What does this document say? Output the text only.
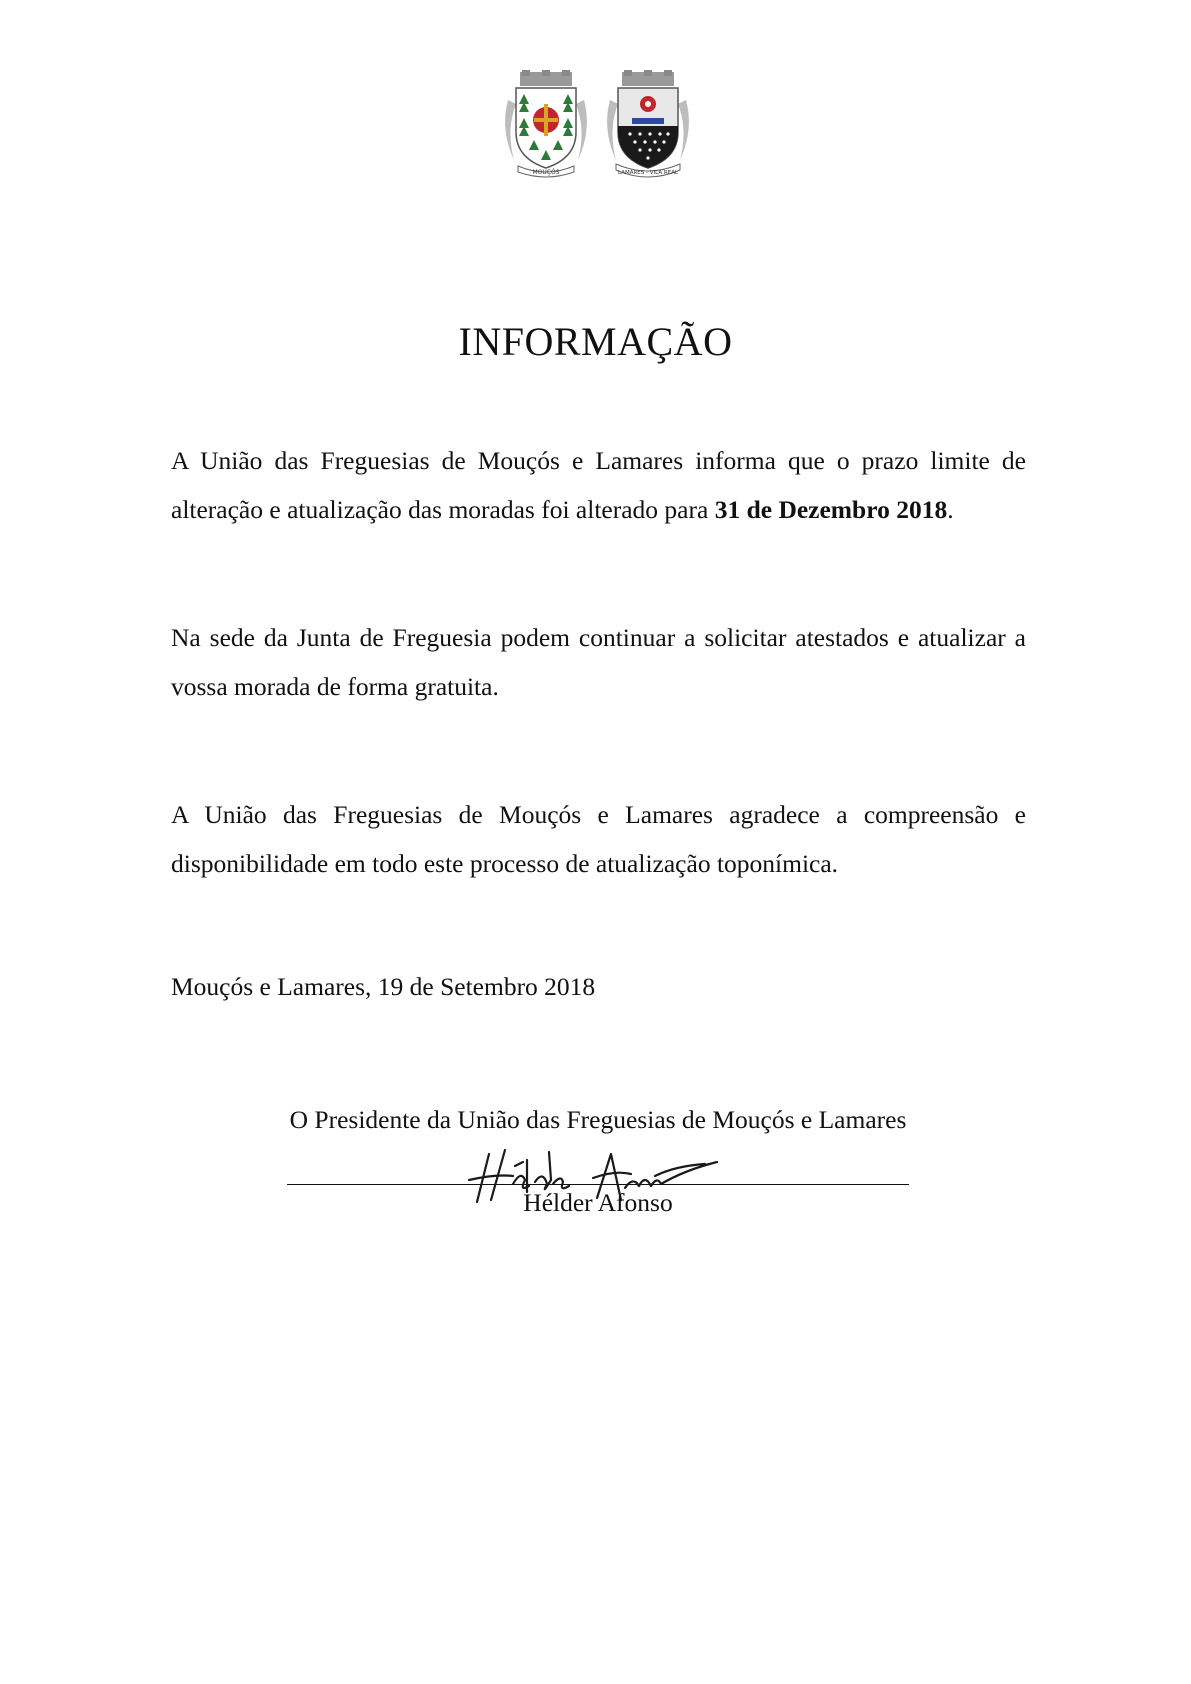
MOUÇÓS	LAMARES - VILA REAL
INFORMAÇÃO

A União das Freguesias de Mouçós e Lamares informa que o prazo limite de alteração e atualização das moradas foi alterado para 31 de Dezembro 2018.

Na sede da Junta de Freguesia podem continuar a solicitar atestados e atualizar a vossa morada de forma gratuita.

A União das Freguesias de Mouçós e Lamares agradece a compreensão e disponibilidade em todo este processo de atualização toponímica.

Mouçós e Lamares, 19 de Setembro 2018

O Presidente da União das Freguesias de Mouçós e Lamares

Hélder Afonso
